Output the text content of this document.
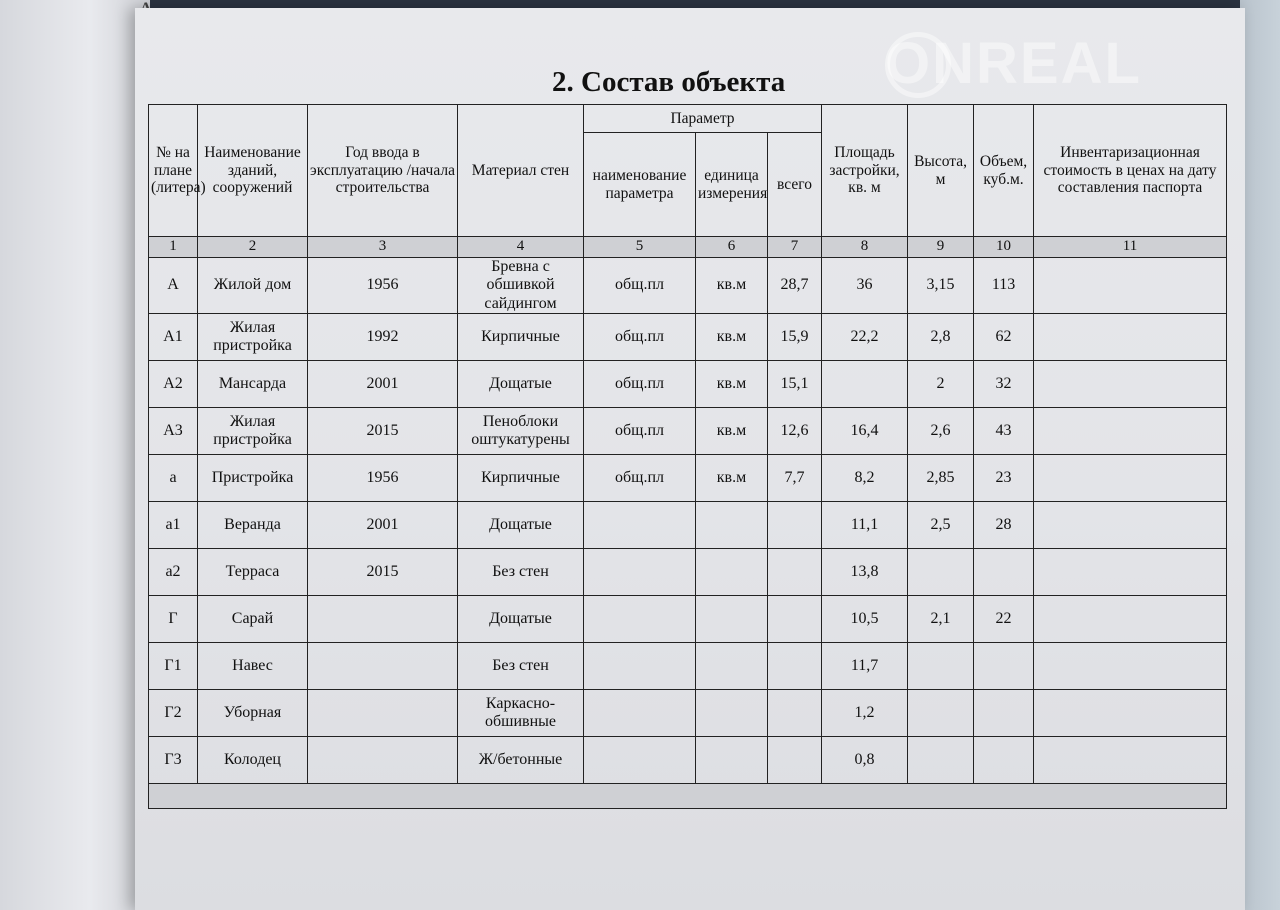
ONREAL
2. Состав объекта
№ на плане (литера)	Наименование зданий, сооружений	Год ввода в эксплуатацию /начала строительства	Материал стен	Параметр			Площадь застройки, кв. м	Высота, м	Объем, куб.м.	Инвентаризационная стоимость в ценах на дату составления паспорта
				наименование параметра	единица измерения	всего				
1	2	3	4	5	6	7	8	9	10	11
А	Жилой дом	1956	Бревна с обшивкой сайдингом	общ.пл	кв.м	28,7	36	3,15	113	
А1	Жилая пристройка	1992	Кирпичные	общ.пл	кв.м	15,9	22,2	2,8	62	
А2	Мансарда	2001	Дощатые	общ.пл	кв.м	15,1		2	32	
А3	Жилая пристройка	2015	Пеноблоки оштукатурены	общ.пл	кв.м	12,6	16,4	2,6	43	
а	Пристройка	1956	Кирпичные	общ.пл	кв.м	7,7	8,2	2,85	23	
а1	Веранда	2001	Дощатые				11,1	2,5	28	
а2	Терраса	2015	Без стен				13,8			
Г	Сарай		Дощатые				10,5	2,1	22	
Г1	Навес		Без стен				11,7			
Г2	Уборная		Каркасно-обшивные				1,2			
Г3	Колодец		Ж/бетонные				0,8			
